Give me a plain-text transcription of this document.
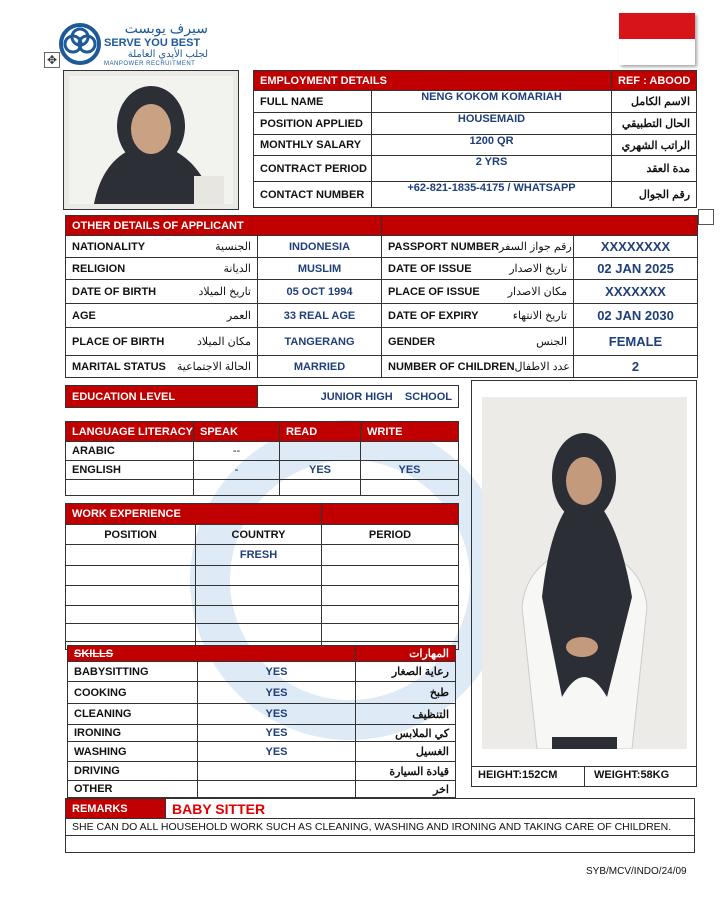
سيرف يوبست
SERVE YOU BEST
لجلب الأيدي العاملة
MANPOWER RECRUITMENT
✥
EMPLOYMENT DETAILS		REF : ABOOD
FULL NAME	NENG KOKOM KOMARIAH	الاسم الكامل
POSITION APPLIED	HOUSEMAID	الحال التطبيقي
MONTHLY SALARY	1200 QR	الراتب الشهري
CONTRACT PERIOD	2 YRS	مدة العقد
CONTACT NUMBER	+62-821-1835-4175 / WHATSAPP	رقم الجوال
OTHER DETAILS OF APPLICANT			

NATIONALITY الجنسية	INDONESIA	PASSPORT NUMBER رقم جواز السفر	XXXXXXXX

RELIGION الديانة	MUSLIM	DATE OF ISSUE تاريخ الاصدار	02 JAN 2025

DATE OF BIRTH تاريخ الميلاد	05 OCT 1994	PLACE OF ISSUE مكان الاصدار	XXXXXXX

AGE العمر	33 REAL AGE	DATE OF EXPIRY تاريخ الانتهاء	02 JAN 2030

PLACE OF BIRTH مكان الميلاد	TANGERANG	GENDER الجنس	FEMALE

MARITAL STATUS الحالة الاجتماعية	MARRIED	NUMBER OF CHILDREN عدد الاطفال	2
EDUCATION LEVEL	JUNIOR HIGH    SCHOOL
LANGUAGE LITERACY	SPEAK	READ	WRITE
ARABIC	--		
ENGLISH	-	YES	YES

WORK EXPERIENCE		
POSITION	COUNTRY	PERIOD
	FRESH	

SKILLS		المهارات
BABYSITTING	YES	رعاية الصغار
COOKING	YES	طبخ
CLEANING	YES	التنظيف
IRONING	YES	كي الملابس
WASHING	YES	الغسيل
DRIVING		قيادة السيارة
OTHER		اخر
HEIGHT:152CM	WEIGHT:58KG
REMARKS	BABY SITTER
SHE CAN DO ALL HOUSEHOLD WORK SUCH AS CLEANING, WASHING AND IRONING AND TAKING CARE OF CHILDREN.

SYB/MCV/INDO/24/09
